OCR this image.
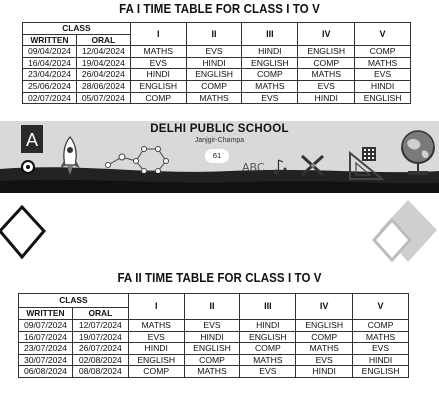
FA I TIME TABLE FOR CLASS I TO V
CLASS		I	II	III	IV	V
WRITTEN	ORAL					
09/04/2024	12/04/2024	MATHS	EVS	HINDI	ENGLISH	COMP
16/04/2024	19/04/2024	EVS	HINDI	ENGLISH	COMP	MATHS
23/04/2024	26/04/2024	HINDI	ENGLISH	COMP	MATHS	EVS
25/06/2024	28/06/2024	ENGLISH	COMP	MATHS	EVS	HINDI
02/07/2024	05/07/2024	COMP	MATHS	EVS	HINDI	ENGLISH
DELHI PUBLIC SCHOOL
Janjgir-Champa
61
ABC
A
FA II TIME TABLE FOR CLASS I TO V
CLASS		I	II	III	IV	V
WRITTEN	ORAL					
09/07/2024	12/07/2024	MATHS	EVS	HINDI	ENGLISH	COMP
16/07/2024	19/07/2024	EVS	HINDI	ENGLISH	COMP	MATHS
23/07/2024	26/07/2024	HINDI	ENGLISH	COMP	MATHS	EVS
30/07/2024	02/08/2024	ENGLISH	COMP	MATHS	EVS	HINDI
06/08/2024	08/08/2024	COMP	MATHS	EVS	HINDI	ENGLISH
